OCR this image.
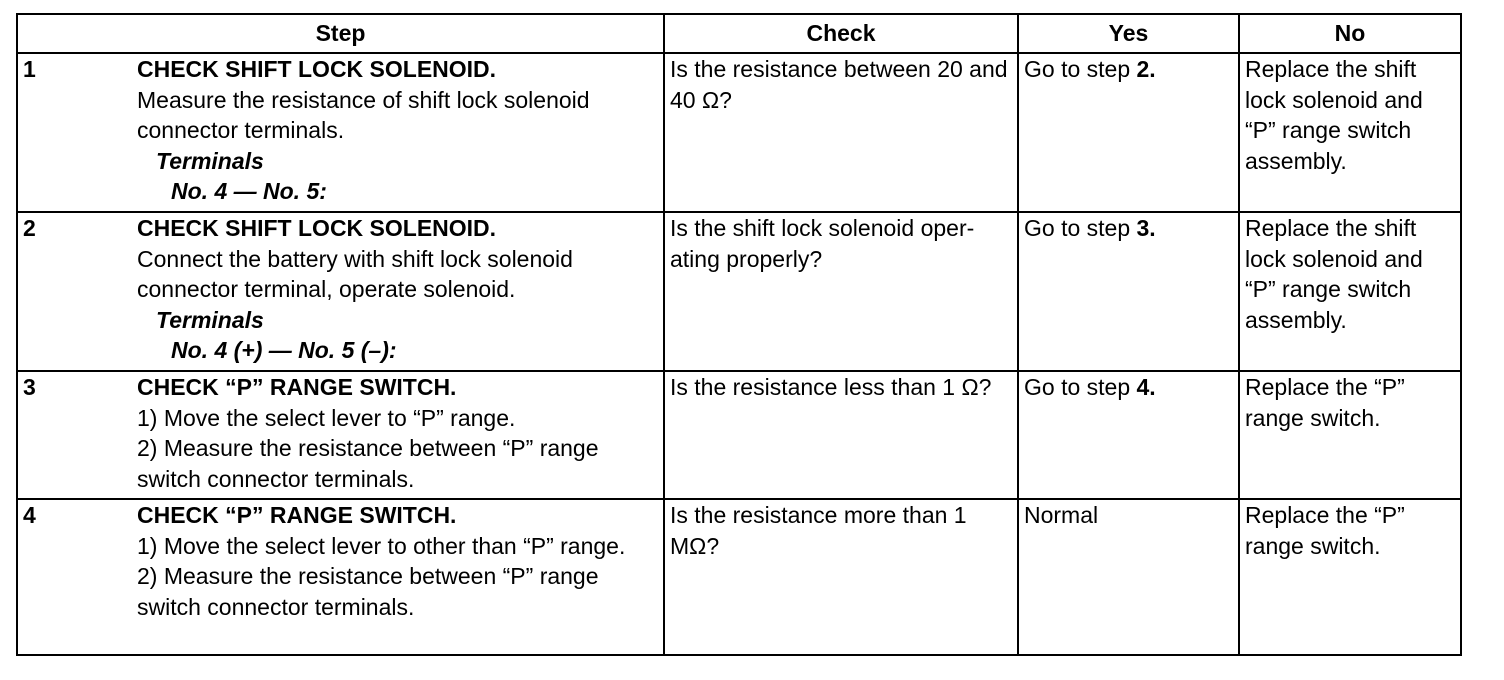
Step	Check	Yes	No

1 CHECK SHIFT LOCK SOLENOID.
Measure the resistance of shift lock solenoid connector terminals.
Terminals
No. 4 — No. 5:	Is the resistance between 20 and 40 Ω?	Go to step 2.	Replace the shift lock solenoid and “P” range switch assembly.

2 CHECK SHIFT LOCK SOLENOID.
Connect the battery with shift lock solenoid connector terminal, operate solenoid.
Terminals
No. 4 (+) — No. 5 (–):	Is the shift lock solenoid oper-ating properly?	Go to step 3.	Replace the shift lock solenoid and “P” range switch assembly.

3 CHECK “P” RANGE SWITCH.
1) Move the select lever to “P” range.
2) Measure the resistance between “P” range switch connector terminals.	Is the resistance less than 1 Ω?	Go to step 4.	Replace the “P” range switch.

4 CHECK “P” RANGE SWITCH.
1) Move the select lever to other than “P” range.
2) Measure the resistance between “P” range switch connector terminals.	Is the resistance more than 1 MΩ?	Normal	Replace the “P” range switch.
